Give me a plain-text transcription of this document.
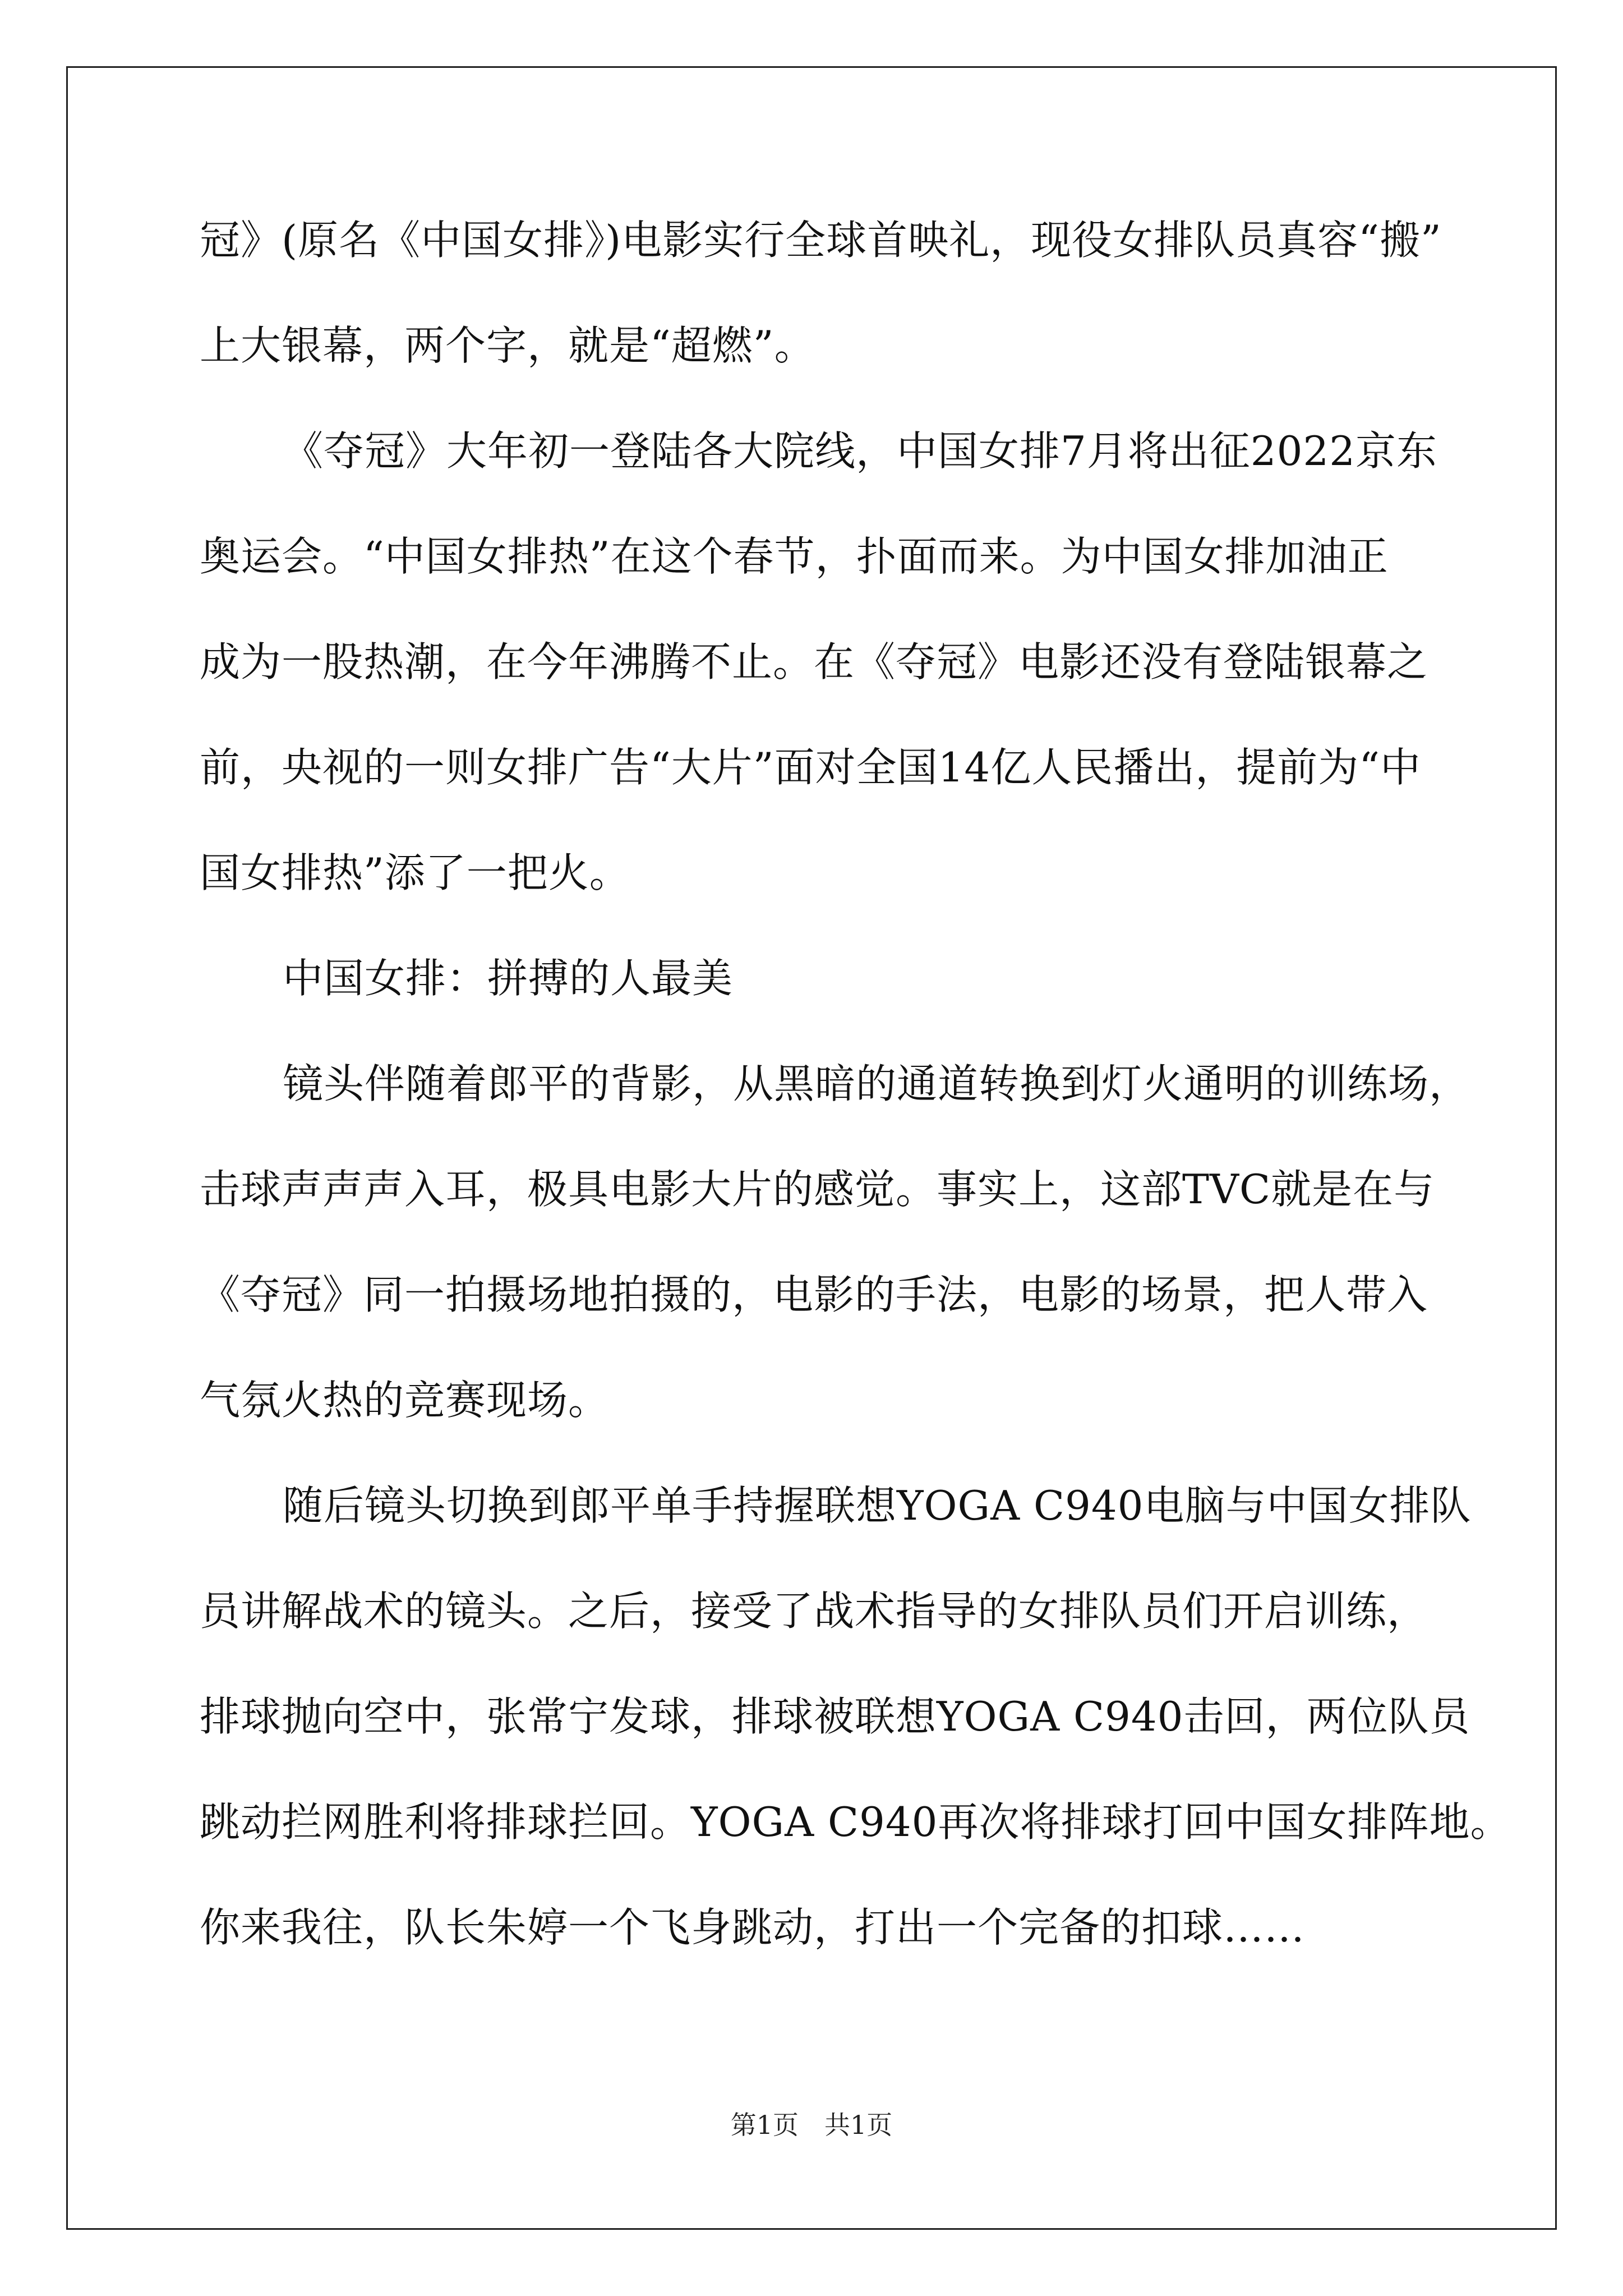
冠》(原名《中国女排》)电影实行全球首映礼，现役女排队员真容“搬”
上大银幕，两个字，就是“超燃”。
《夺冠》大年初一登陆各大院线，中国女排7月将出征2022京东
奥运会。“中国女排热”在这个春节，扑面而来。为中国女排加油正
成为一股热潮，在今年沸腾不止。在《夺冠》电影还没有登陆银幕之
前，央视的一则女排广告“大片”面对全国14亿人民播出，提前为“中
国女排热”添了一把火。
中国女排：拼搏的人最美
镜头伴随着郎平的背影，从黑暗的通道转换到灯火通明的训练场，
击球声声声入耳，极具电影大片的感觉。事实上，这部TVC就是在与
《夺冠》同一拍摄场地拍摄的，电影的手法，电影的场景，把人带入
气氛火热的竞赛现场。
随后镜头切换到郎平单手持握联想YOGA C940电脑与中国女排队
员讲解战术的镜头。之后，接受了战术指导的女排队员们开启训练，
排球抛向空中，张常宁发球，排球被联想YOGA C940击回，两位队员
跳动拦网胜利将排球拦回。YOGA C940再次将排球打回中国女排阵地。
你来我往，队长朱婷一个飞身跳动，打出一个完备的扣球……
第1页　共1页
